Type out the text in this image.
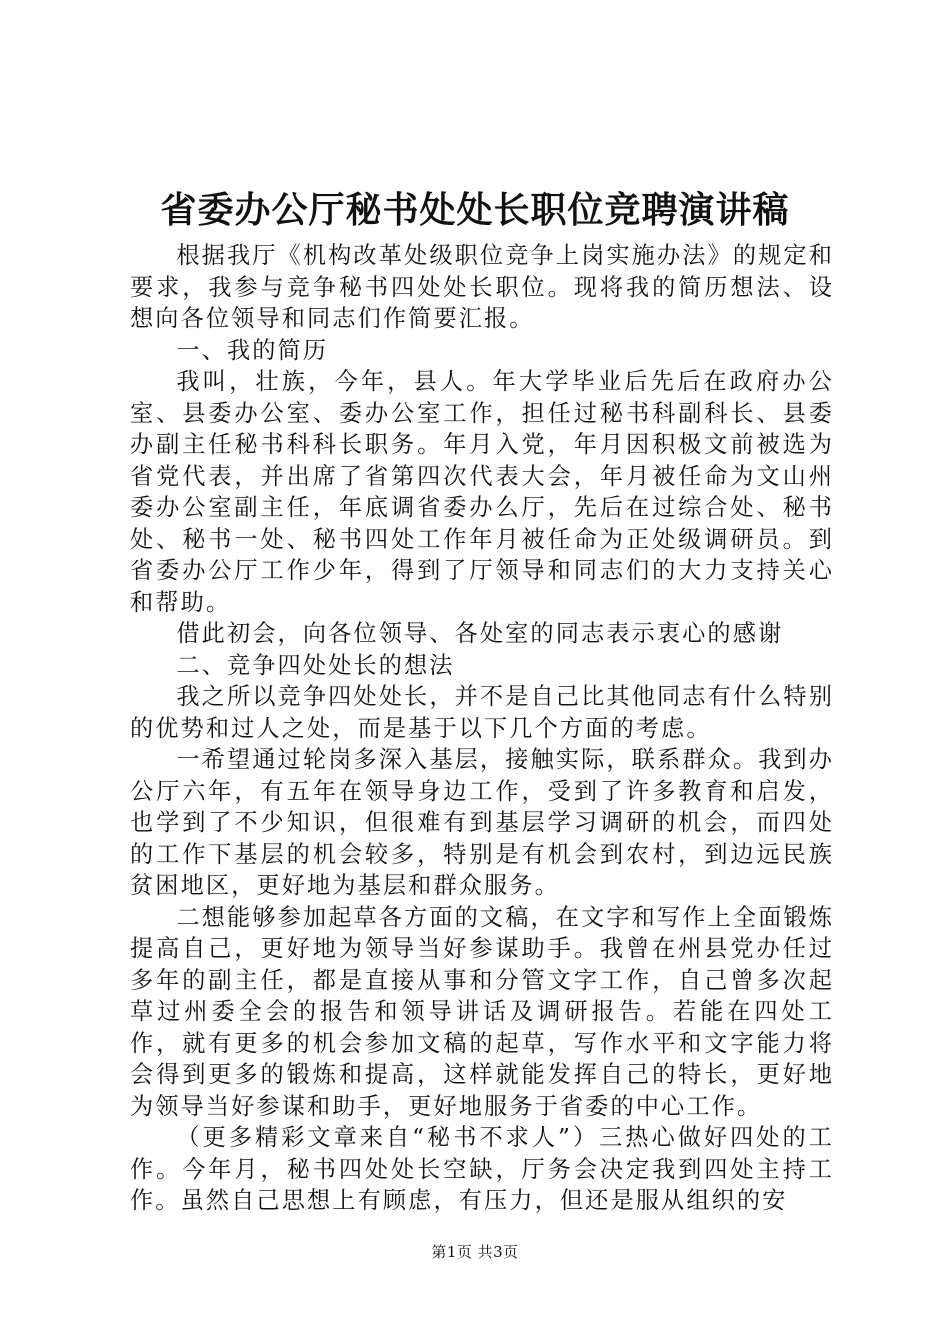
省委办公厅秘书处处长职位竞聘演讲稿

根据我厅《机构改革处级职位竞争上岗实施办法》的规定和要求，我参与竞争秘书四处处长职位。现将我的简历想法、设想向各位领导和同志们作简要汇报。

一、我的简历

我叫，壮族，今年，县人。年大学毕业后先后在政府办公室、县委办公室、委办公室工作，担任过秘书科副科长、县委办副主任秘书科科长职务。年月入党，年月因积极文前被选为省党代表，并出席了省第四次代表大会，年月被任命为文山州委办公室副主任，年底调省委办么厅，先后在过综合处、秘书处、秘书一处、秘书四处工作年月被任命为正处级调研员。到省委办公厅工作少年，得到了厅领导和同志们的大力支持关心和帮助。

借此初会，向各位领导、各处室的同志表示衷心的感谢

二、竞争四处处长的想法

我之所以竞争四处处长，并不是自己比其他同志有什么特别的优势和过人之处，而是基于以下几个方面的考虑。

一希望通过轮岗多深入基层，接触实际，联系群众。我到办公厅六年，有五年在领导身边工作，受到了许多教育和启发，也学到了不少知识，但很难有到基层学习调研的机会，而四处的工作下基层的机会较多，特别是有机会到农村，到边远民族贫困地区，更好地为基层和群众服务。

二想能够参加起草各方面的文稿，在文字和写作上全面锻炼提高自己，更好地为领导当好参谋助手。我曾在州县党办任过多年的副主任，都是直接从事和分管文字工作，自己曾多次起草过州委全会的报告和领导讲话及调研报告。若能在四处工作，就有更多的机会参加文稿的起草，写作水平和文字能力将会得到更多的锻炼和提高，这样就能发挥自己的特长，更好地为领导当好参谋和助手，更好地服务于省委的中心工作。

（更多精彩文章来自“秘书不求人”）三热心做好四处的工作。今年月，秘书四处处长空缺，厅务会决定我到四处主持工作。虽然自己思想上有顾虑，有压力，但还是服从组织的安

第1页 共3页
